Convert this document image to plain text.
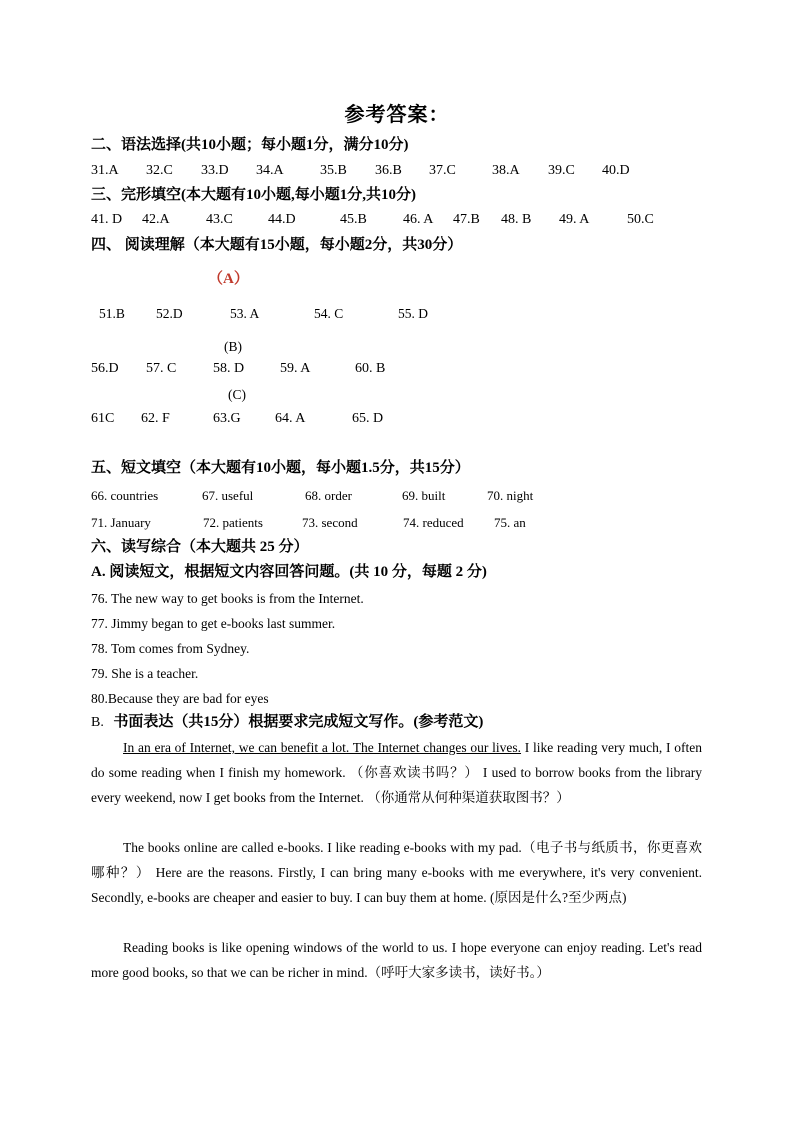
参考答案：
二、语法选择(共10小题；每小题1分，满分10分)
31.A 32.C 33.D 34.A	35.B 36.B 37.C	38.A 39.C 40.D
三、完形填空(本大题有10小题,每小题1分,共10分)
41. D 42.A	43.C	44.D	45.B	46. A 47.B 48. B 49. A	50.C
四、 阅读理解（本大题有15小题，每小题2分，共30分）
（A）
51.B 52.D	53. A	54. C	55. D
(B)
56.D 57. C	58. D	59. A	60. B
(C)
61C 62. F	63.G 64. A	65. D
五、短文填空（本大题有10小题，每小题1.5分，共15分）
66. countries	67. useful	68. order	69. built	70. night
71. January	72. patients	73. second	74. reduced 75. an
六、读写综合（本大题共 25 分）
A. 阅读短文，根据短文内容回答问题。(共 10 分，每题 2 分)
76. The new way to get books is from the Internet.
77. Jimmy began to get e-books last summer.
78. Tom comes from Sydney.
79. She is a teacher.
80.Because they are bad for eyes
B. 书面表达（共15分）根据要求完成短文写作。(参考范文)
In an era of Internet, we can benefit a lot. The Internet changes our lives. I like reading very much, I often do some reading when I finish my homework. （你喜欢读书吗？） I used to borrow books from the library every weekend, now I get books from the Internet. （你通常从何种渠道获取图书？）
The books online are called e-books. I like reading e-books with my pad.（电子书与纸质书，你更喜欢哪种？） Here are the reasons. Firstly, I can bring many e-books with me everywhere, it's very convenient. Secondly, e-books are cheaper and easier to buy. I can buy them at home. (原因是什么?至少两点)
Reading books is like opening windows of the world to us. I hope everyone can enjoy reading. Let's read more good books, so that we can be richer in mind.（呼吁大家多读书，读好书。）
